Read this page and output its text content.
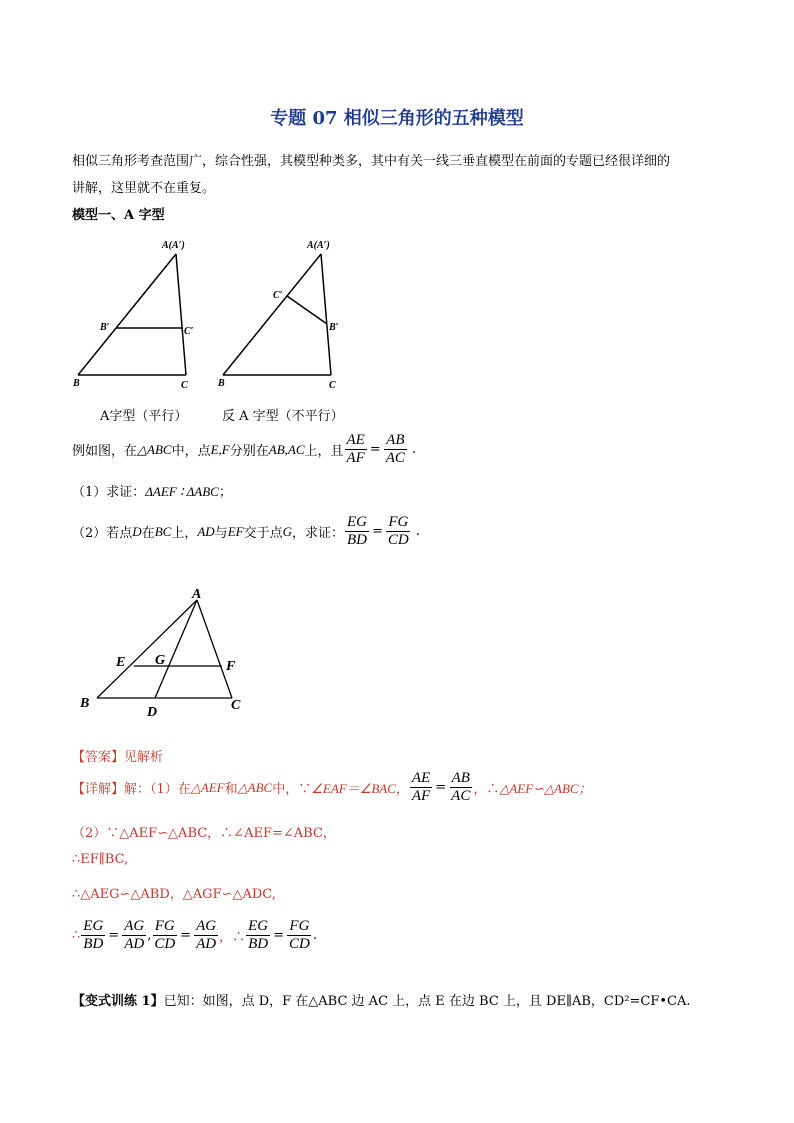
专题 07 相似三角形的五种模型
相似三角形考查范围广，综合性强，其模型种类多，其中有关一线三垂直模型在前面的专题已经很详细的
讲解，这里就不在重复。
模型一、A 字型
A(A′)
B′	C′
B	C
A(A′)
C′
B′
B	C
A字型（平行）	反 A 字型（不平行）
例如图，在 △ABC 中，点 E,F 分别在 AB,AC 上，且 $\frac{AE}{AF} = \frac{AB}{AC}$ .
（1）求证：ΔAEF ∶ ΔABC；
（2）若点 D 在 BC 上， AD 与 EF 交于点 G ，求证： $\frac{EG}{BD} = \frac{FG}{CD}$ .
A
E G	F
B
D	C
【答案】见解析
【详解】 解：（1）在 △AEF 和 △ABC 中，∵ ∠EAF＝∠BAC ， $\frac{AE}{AF} = \frac{AB}{AC}$ ，∴ △AEF∽△ABC；
（2）∵△AEF∽△ABC，∴∠AEF=∠ABC，
∴EF∥BC,
∴△AEG∽△ABD，△AGF∽△ADC,
∴ $\frac{EG}{BD} = \frac{AG}{AD}$ , $\frac{FG}{CD} = \frac{AG}{AD}$ ，∴ $\frac{EG}{BD} = \frac{FG}{CD}$ .
【变式训练 1】已知：如图，点 D，F 在△ABC 边 AC 上，点 E 在边 BC 上，且 DE∥AB，CD²=CF•CA.
